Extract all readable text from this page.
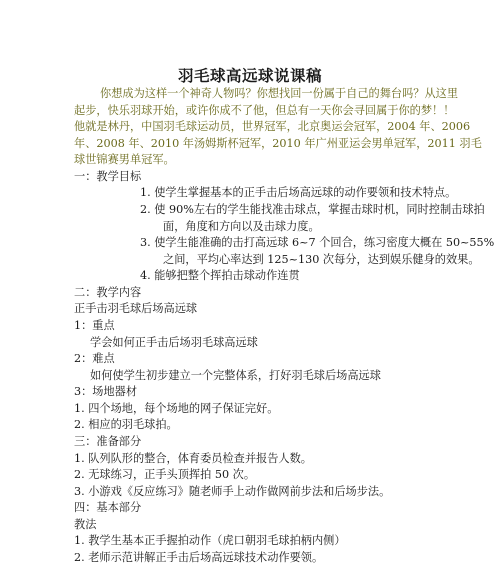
羽毛球高远球说课稿
你想成为这样一个神奇人物吗？你想找回一份属于自己的舞台吗？从这里
起步，快乐羽球开始，或许你成不了他，但总有一天你会寻回属于你的梦！！
他就是林丹，中国羽毛球运动员，世界冠军，北京奥运会冠军，2004 年、2006
年、2008 年、2010 年汤姆斯杯冠军，2010 年广州亚运会男单冠军，2011 羽毛
球世锦赛男单冠军。
一：教学目标
1. 使学生掌握基本的正手击后场高远球的动作要领和技术特点。
2. 使 90%左右的学生能找准击球点，掌握击球时机，同时控制击球拍
面，角度和方向以及击球力度。
3. 使学生能准确的击打高远球 6~7 个回合，练习密度大概在 50~55%
之间，平均心率达到 125~130 次每分，达到娱乐健身的效果。
4. 能够把整个挥拍击球动作连贯
二：教学内容
正手击羽毛球后场高远球
1：重点
学会如何正手击后场羽毛球高远球
2：难点
如何使学生初步建立一个完整体系，打好羽毛球后场高远球
3：场地器材
1. 四个场地，每个场地的网子保证完好。
2. 相应的羽毛球拍。
三：准备部分
1. 队列队形的整合，体育委员检查并报告人数。
2. 无球练习，正手头顶挥拍 50 次。
3. 小游戏《反应练习》随老师手上动作做网前步法和后场步法。
四：基本部分
教法
1. 教学生基本正手握拍动作（虎口朝羽毛球拍柄内侧）
2. 老师示范讲解正手击后场高远球技术动作要领。
